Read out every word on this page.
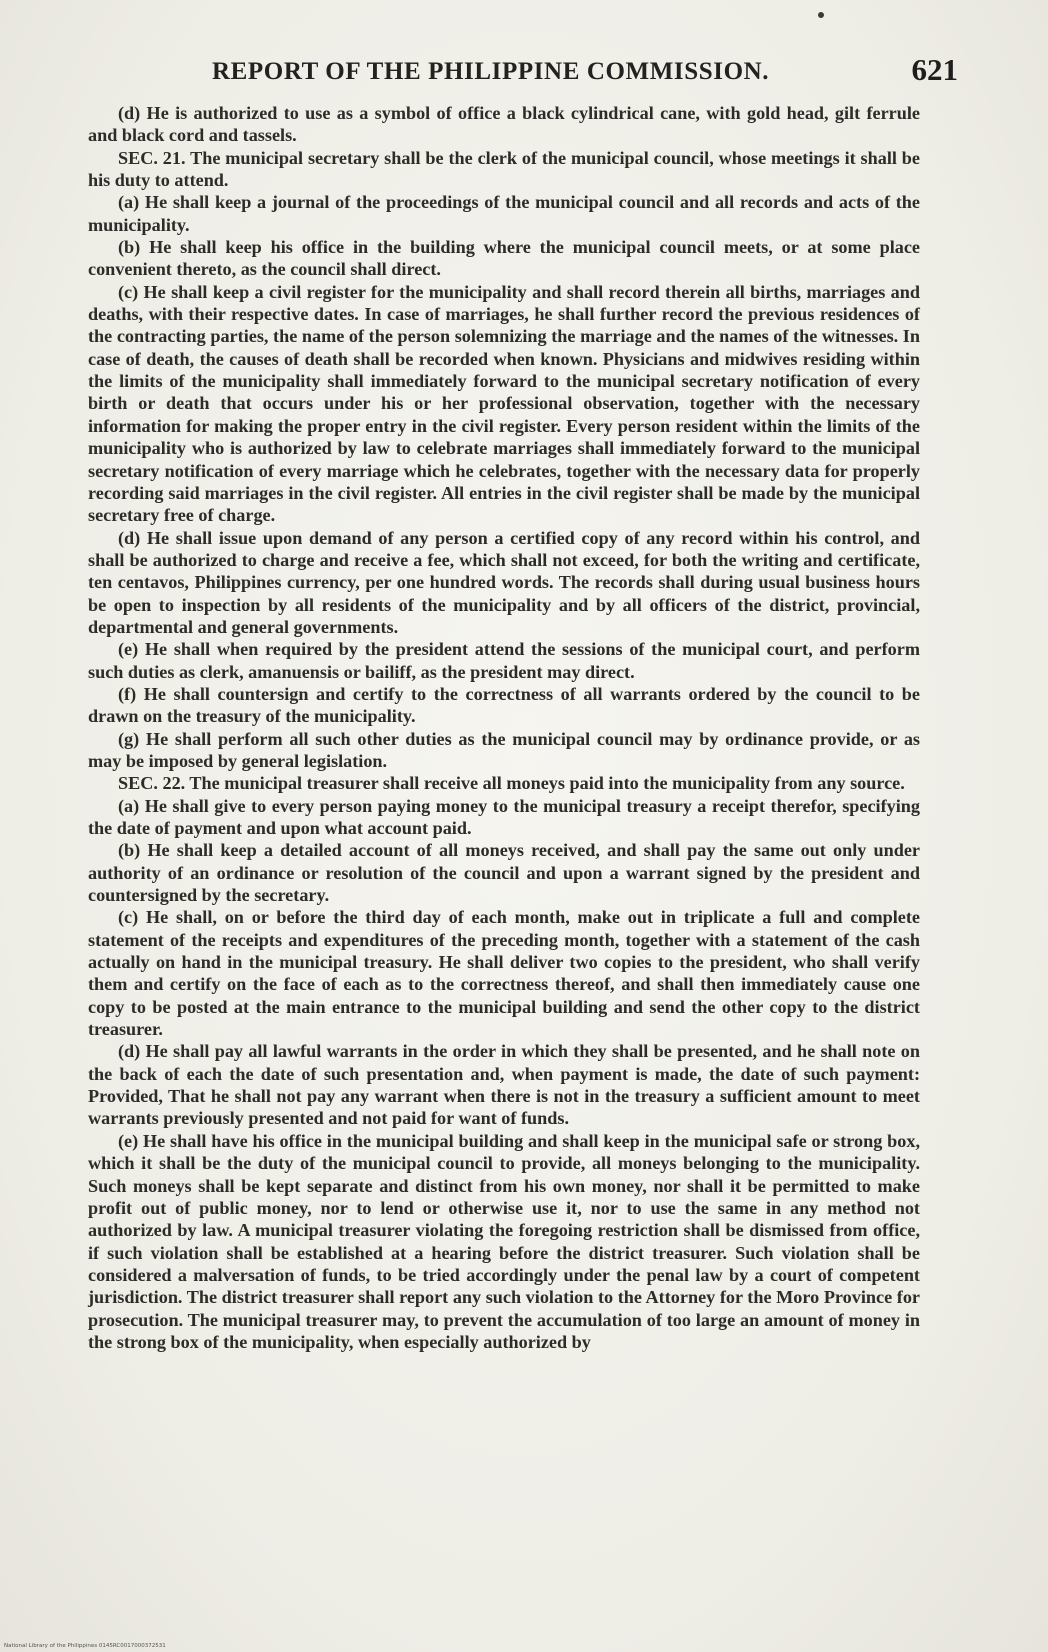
REPORT OF THE PHILIPPINE COMMISSION.	621

(d) He is authorized to use as a symbol of office a black cylindrical cane, with gold head, gilt ferrule and black cord and tassels.

SEC. 21. The municipal secretary shall be the clerk of the municipal council, whose meetings it shall be his duty to attend.

(a) He shall keep a journal of the proceedings of the municipal council and all records and acts of the municipality.

(b) He shall keep his office in the building where the municipal council meets, or at some place convenient thereto, as the council shall direct.

(c) He shall keep a civil register for the municipality and shall record therein all births, marriages and deaths, with their respective dates. In case of marriages, he shall further record the previous residences of the contracting parties, the name of the person solemnizing the marriage and the names of the witnesses. In case of death, the causes of death shall be recorded when known. Physicians and midwives residing within the limits of the municipality shall immediately forward to the municipal secretary notification of every birth or death that occurs under his or her professional observation, together with the necessary information for making the proper entry in the civil register. Every person resident within the limits of the municipality who is authorized by law to celebrate marriages shall immediately forward to the municipal secretary notification of every marriage which he celebrates, together with the necessary data for properly recording said marriages in the civil register. All entries in the civil register shall be made by the municipal secretary free of charge.

(d) He shall issue upon demand of any person a certified copy of any record within his control, and shall be authorized to charge and receive a fee, which shall not exceed, for both the writing and certificate, ten centavos, Philippines currency, per one hundred words. The records shall during usual business hours be open to inspection by all residents of the municipality and by all officers of the district, provincial, departmental and general governments.

(e) He shall when required by the president attend the sessions of the municipal court, and perform such duties as clerk, amanuensis or bailiff, as the president may direct.

(f) He shall countersign and certify to the correctness of all warrants ordered by the council to be drawn on the treasury of the municipality.

(g) He shall perform all such other duties as the municipal council may by ordinance provide, or as may be imposed by general legislation.

SEC. 22. The municipal treasurer shall receive all moneys paid into the municipality from any source.

(a) He shall give to every person paying money to the municipal treasury a receipt therefor, specifying the date of payment and upon what account paid.

(b) He shall keep a detailed account of all moneys received, and shall pay the same out only under authority of an ordinance or resolution of the council and upon a warrant signed by the president and countersigned by the secretary.

(c) He shall, on or before the third day of each month, make out in triplicate a full and complete statement of the receipts and expenditures of the preceding month, together with a statement of the cash actually on hand in the municipal treasury. He shall deliver two copies to the president, who shall verify them and certify on the face of each as to the correctness thereof, and shall then immediately cause one copy to be posted at the main entrance to the municipal building and send the other copy to the district treasurer.

(d) He shall pay all lawful warrants in the order in which they shall be presented, and he shall note on the back of each the date of such presentation and, when payment is made, the date of such payment: Provided, That he shall not pay any warrant when there is not in the treasury a sufficient amount to meet warrants previously presented and not paid for want of funds.

(e) He shall have his office in the municipal building and shall keep in the municipal safe or strong box, which it shall be the duty of the municipal council to provide, all moneys belonging to the municipality. Such moneys shall be kept separate and distinct from his own money, nor shall it be permitted to make profit out of public money, nor to lend or otherwise use it, nor to use the same in any method not authorized by law. A municipal treasurer violating the foregoing restriction shall be dismissed from office, if such violation shall be established at a hearing before the district treasurer. Such violation shall be considered a malversation of funds, to be tried accordingly under the penal law by a court of competent jurisdiction. The district treasurer shall report any such violation to the Attorney for the Moro Province for prosecution. The municipal treasurer may, to prevent the accumulation of too large an amount of money in the strong box of the municipality, when especially authorized by

National Library of the Philippines 0145RC0017000372531
